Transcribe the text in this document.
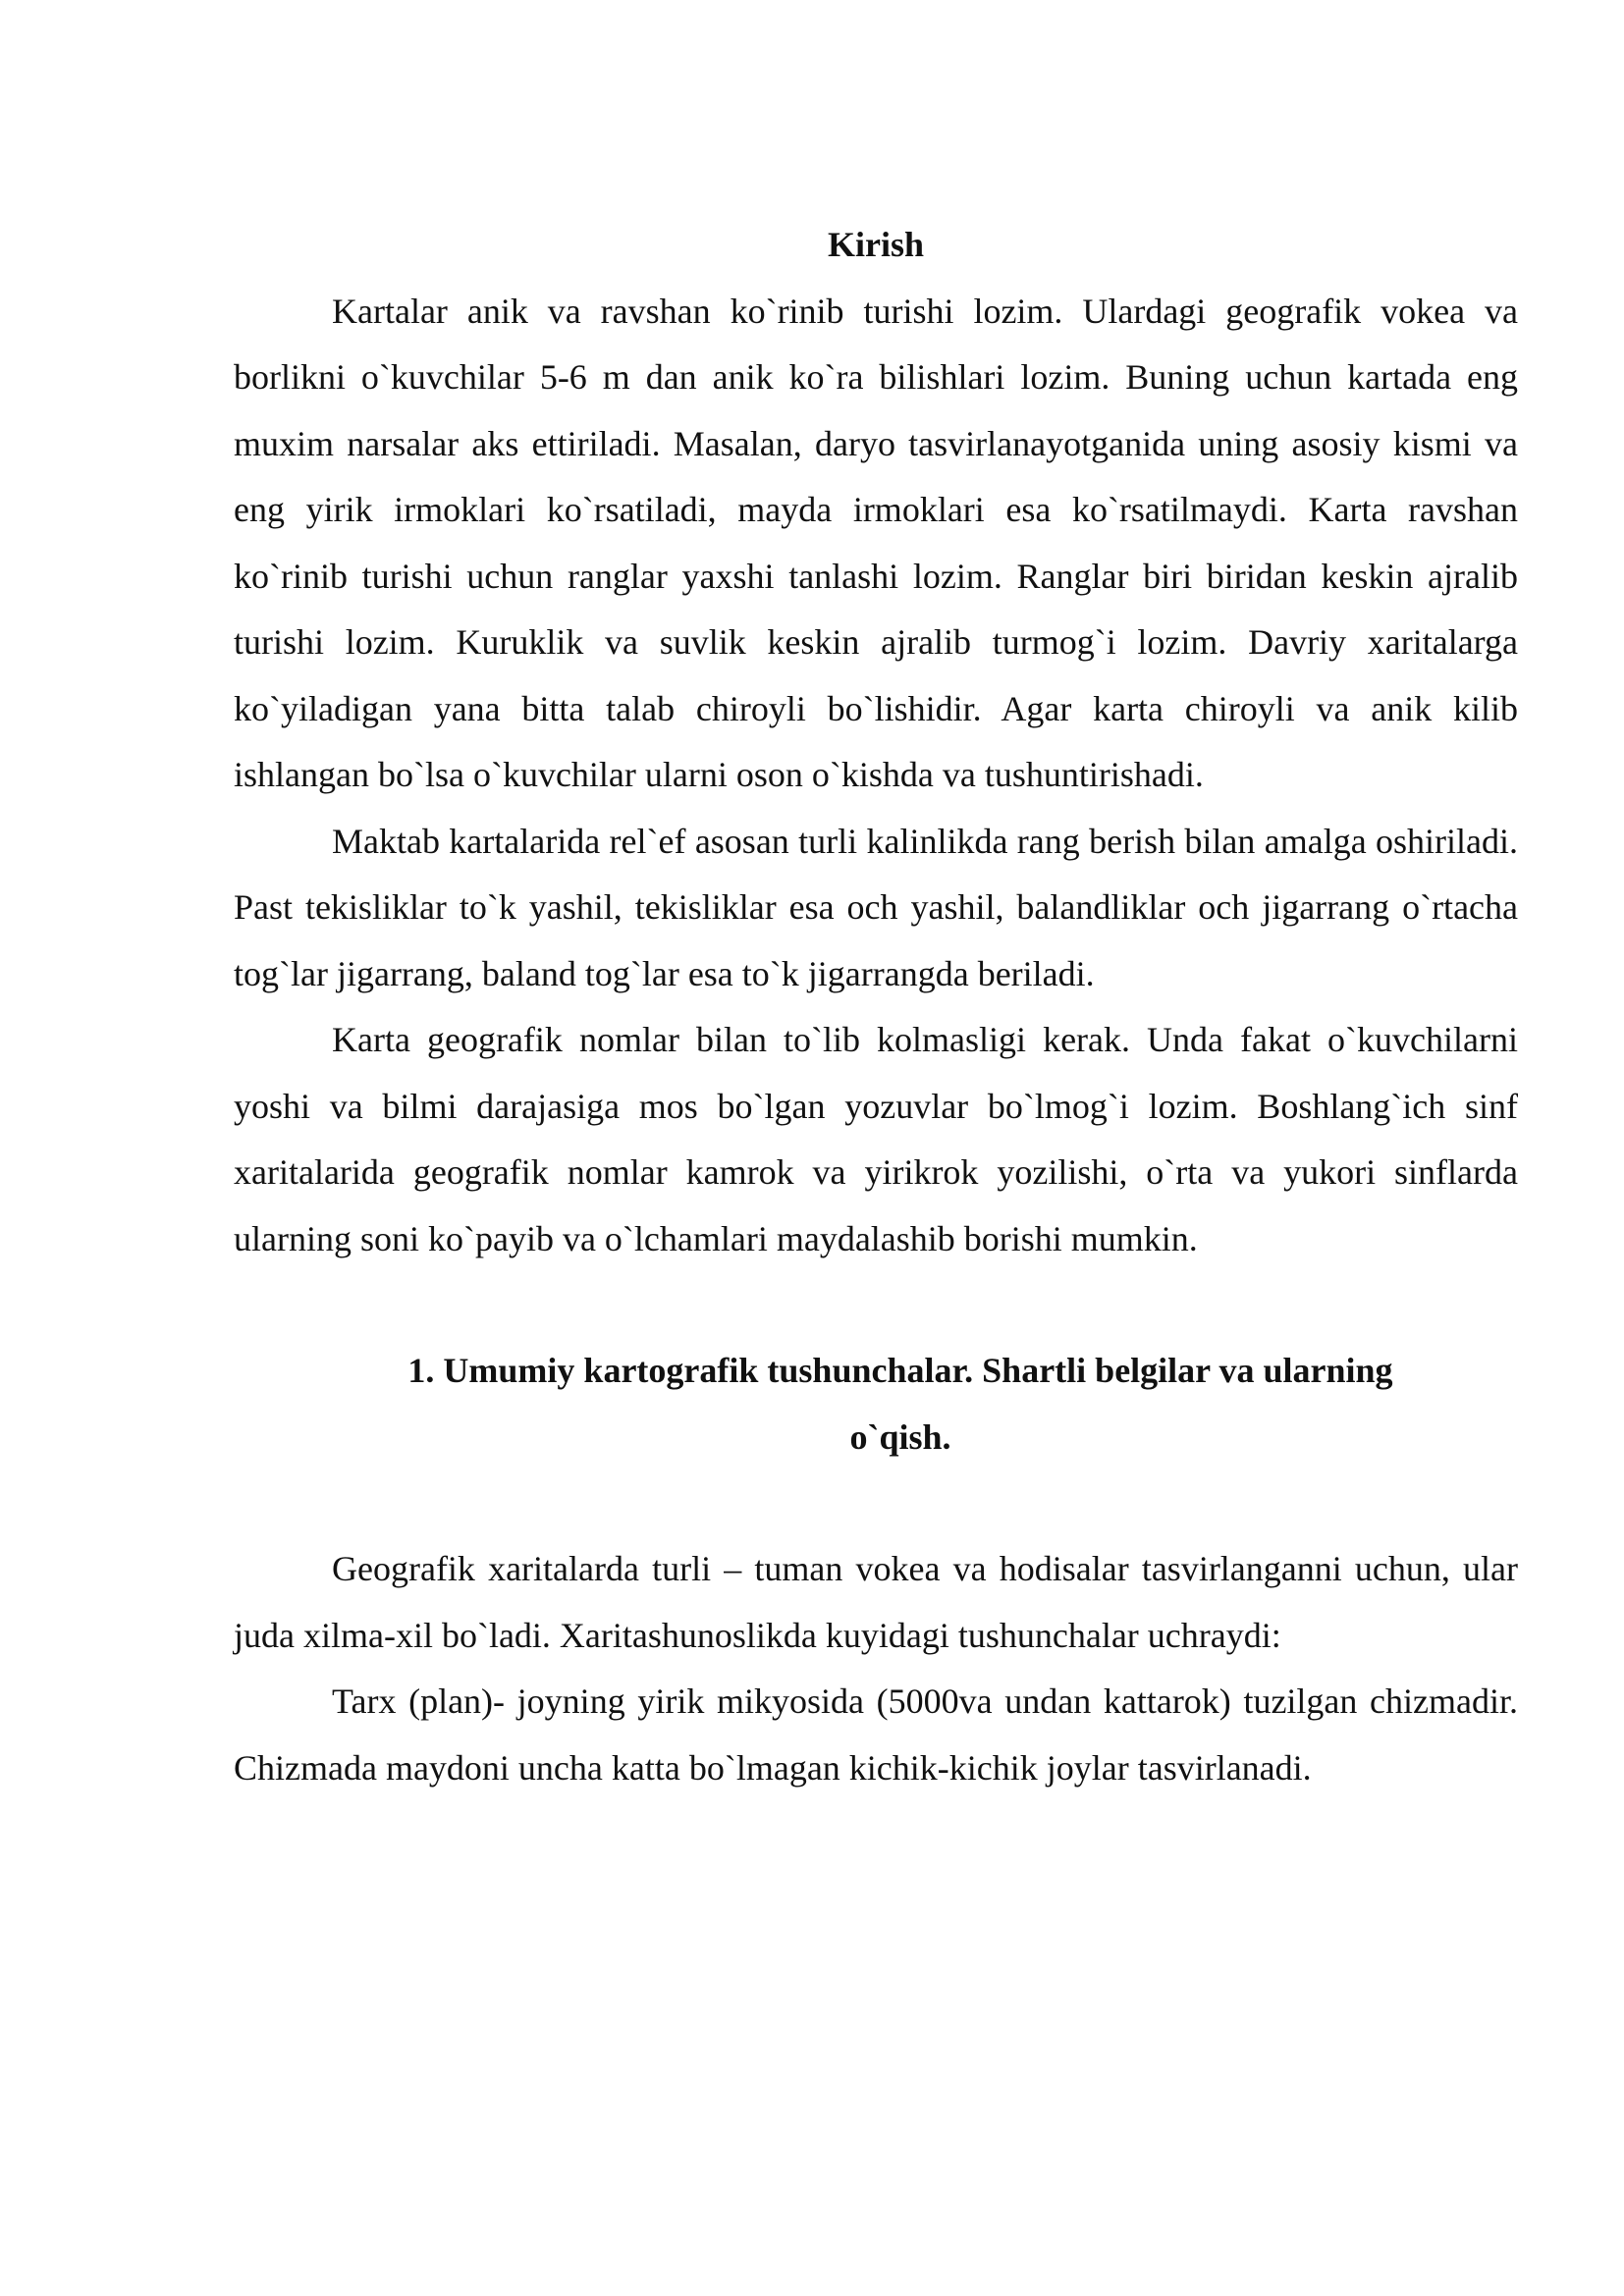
Kirish

Kartalar anik va ravshan ko`rinib turishi lozim. Ulardagi geografik vokea va borlikni o`kuvchilar 5-6 m dan anik ko`ra bilishlari lozim. Buning uchun kartada eng muxim narsalar aks ettiriladi. Masalan, daryo tasvirlanayotganida uning asosiy kismi va eng yirik irmoklari ko`rsatiladi, mayda irmoklari esa ko`rsatilmaydi. Karta ravshan ko`rinib turishi uchun ranglar yaxshi tanlashi lozim. Ranglar biri biridan keskin ajralib turishi lozim. Kuruklik va suvlik keskin ajralib turmog`i lozim. Davriy xaritalarga ko`yiladigan yana bitta talab chiroyli bo`lishidir. Agar karta chiroyli va anik kilib ishlangan bo`lsa o`kuvchilar ularni oson o`kishda va tushuntirishadi.

Maktab kartalarida rel`ef asosan turli kalinlikda rang berish bilan amalga oshiriladi. Past tekisliklar to`k yashil, tekisliklar esa och yashil, balandliklar och jigarrang o`rtacha tog`lar jigarrang, baland tog`lar esa to`k jigarrangda beriladi.

Karta geografik nomlar bilan to`lib kolmasligi kerak. Unda fakat o`kuvchilarni yoshi va bilmi darajasiga mos bo`lgan yozuvlar bo`lmog`i lozim. Boshlang`ich sinf xaritalarida geografik nomlar kamrok va yirikrok yozilishi, o`rta va yukori sinflarda ularning soni ko`payib va o`lchamlari maydalashib borishi mumkin.

1. Umumiy kartografik tushunchalar. Shartli belgilar va ularning
o`qish.

Geografik xaritalarda turli – tuman vokea va hodisalar tasvirlanganni uchun, ular juda xilma-xil bo`ladi. Xaritashunoslikda kuyidagi tushunchalar uchraydi:

Tarx (plan)- joyning yirik mikyosida (5000va undan kattarok) tuzilgan chizmadir. Chizmada maydoni uncha katta bo`lmagan kichik-kichik joylar tasvirlanadi.
